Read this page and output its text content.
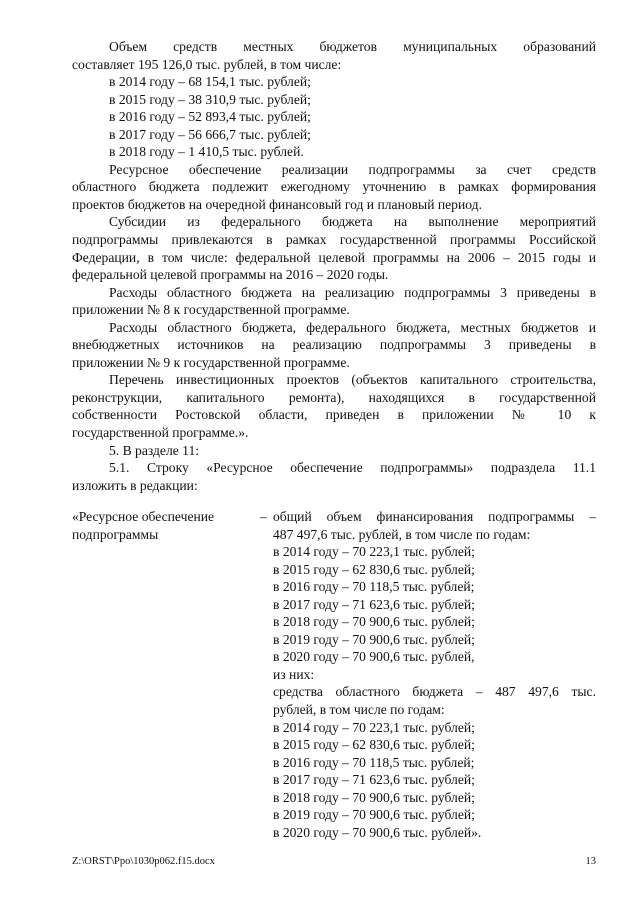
Объем средств местных бюджетов муниципальных образований
составляет 195 126,0 тыс. рублей, в том числе:
в 2014 году – 68 154,1 тыс. рублей;
в 2015 году – 38 310,9 тыс. рублей;
в 2016 году – 52 893,4 тыс. рублей;
в 2017 году – 56 666,7 тыс. рублей;
в 2018 году – 1 410,5 тыс. рублей.
Ресурсное обеспечение реализации подпрограммы за счет средств
областного бюджета подлежит ежегодному уточнению в рамках формирования
проектов бюджетов на очередной финансовый год и плановый период.
Субсидии из федерального бюджета на выполнение мероприятий
подпрограммы привлекаются в рамках государственной программы Российской
Федерации, в том числе: федеральной целевой программы на 2006 – 2015 годы и
федеральной целевой программы на 2016 – 2020 годы.
Расходы областного бюджета на реализацию подпрограммы 3 приведены в
приложении № 8 к государственной программе.
Расходы областного бюджета, федерального бюджета, местных бюджетов и
внебюджетных источников на реализацию подпрограммы 3 приведены в
приложении № 9 к государственной программе.
Перечень инвестиционных проектов (объектов капитального строительства,
реконструкции, капитального ремонта), находящихся в государственной
собственности Ростовской области, приведен в приложении № 10 к
государственной программе.».
5. В разделе 11:
5.1. Строку «Ресурсное обеспечение подпрограммы» подраздела 11.1
изложить в редакции:
«Ресурсное обеспечение
подпрограммы
– общий объем финансирования подпрограммы –
487 497,6 тыс. рублей, в том числе по годам:
в 2014 году – 70 223,1 тыс. рублей;
в 2015 году – 62 830,6 тыс. рублей;
в 2016 году – 70 118,5 тыс. рублей;
в 2017 году – 71 623,6 тыс. рублей;
в 2018 году – 70 900,6 тыс. рублей;
в 2019 году – 70 900,6 тыс. рублей;
в 2020 году – 70 900,6 тыс. рублей,
из них:
средства областного бюджета – 487 497,6 тыс.
рублей, в том числе по годам:
в 2014 году – 70 223,1 тыс. рублей;
в 2015 году – 62 830,6 тыс. рублей;
в 2016 году – 70 118,5 тыс. рублей;
в 2017 году – 71 623,6 тыс. рублей;
в 2018 году – 70 900,6 тыс. рублей;
в 2019 году – 70 900,6 тыс. рублей;
в 2020 году – 70 900,6 тыс. рублей».
Z:\ORST\Ppo\1030p062.f15.docx	13
